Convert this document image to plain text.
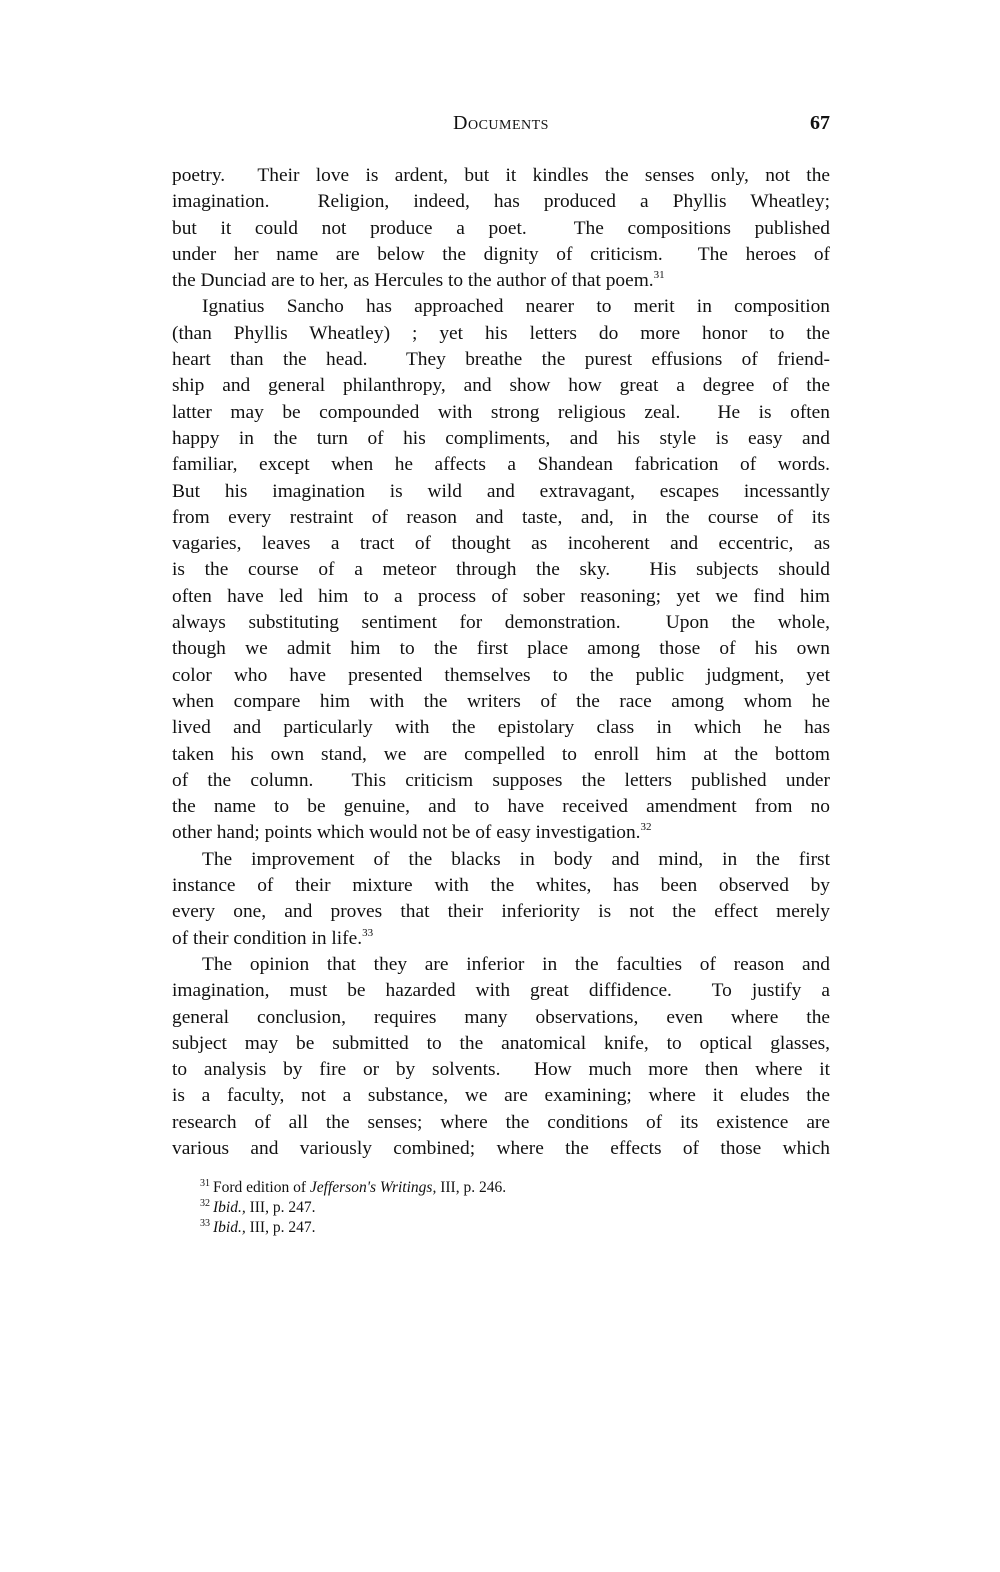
Documents	67
poetry.  Their love is ardent, but it kindles the senses only, not the
imagination.  Religion, indeed, has produced a Phyllis Wheatley;
but it could not produce a poet.  The compositions published
under her name are below the dignity of criticism.  The heroes of
the Dunciad are to her, as Hercules to the author of that poem.$^{31}$
Ignatius Sancho has approached nearer to merit in composition
(than Phyllis Wheatley) ; yet his letters do more honor to the
heart than the head.  They breathe the purest effusions of friend-
ship and general philanthropy, and show how great a degree of the
latter may be compounded with strong religious zeal.  He is often
happy in the turn of his compliments, and his style is easy and
familiar, except when he affects a Shandean fabrication of words.
But his imagination is wild and extravagant, escapes incessantly
from every restraint of reason and taste, and, in the course of its
vagaries, leaves a tract of thought as incoherent and eccentric, as
is the course of a meteor through the sky.  His subjects should
often have led him to a process of sober reasoning; yet we find him
always substituting sentiment for demonstration.  Upon the whole,
though we admit him to the first place among those of his own
color who have presented themselves to the public judgment, yet
when compare him with the writers of the race among whom he
lived and particularly with the epistolary class in which he has
taken his own stand, we are compelled to enroll him at the bottom
of the column.  This criticism supposes the letters published under
the name to be genuine, and to have received amendment from no
other hand; points which would not be of easy investigation.$^{32}$
The improvement of the blacks in body and mind, in the first
instance of their mixture with the whites, has been observed by
every one, and proves that their inferiority is not the effect merely
of their condition in life.$^{33}$
The opinion that they are inferior in the faculties of reason and
imagination, must be hazarded with great diffidence.  To justify a
general conclusion, requires many observations, even where the
subject may be submitted to the anatomical knife, to optical glasses,
to analysis by fire or by solvents.  How much more then where it
is a faculty, not a substance, we are examining; where it eludes the
research of all the senses; where the conditions of its existence are
various and variously combined; where the effects of those which
$^{31}$ Ford edition of Jefferson's Writings, III, p. 246.
$^{32}$ Ibid., III, p. 247.
$^{33}$ Ibid., III, p. 247.
